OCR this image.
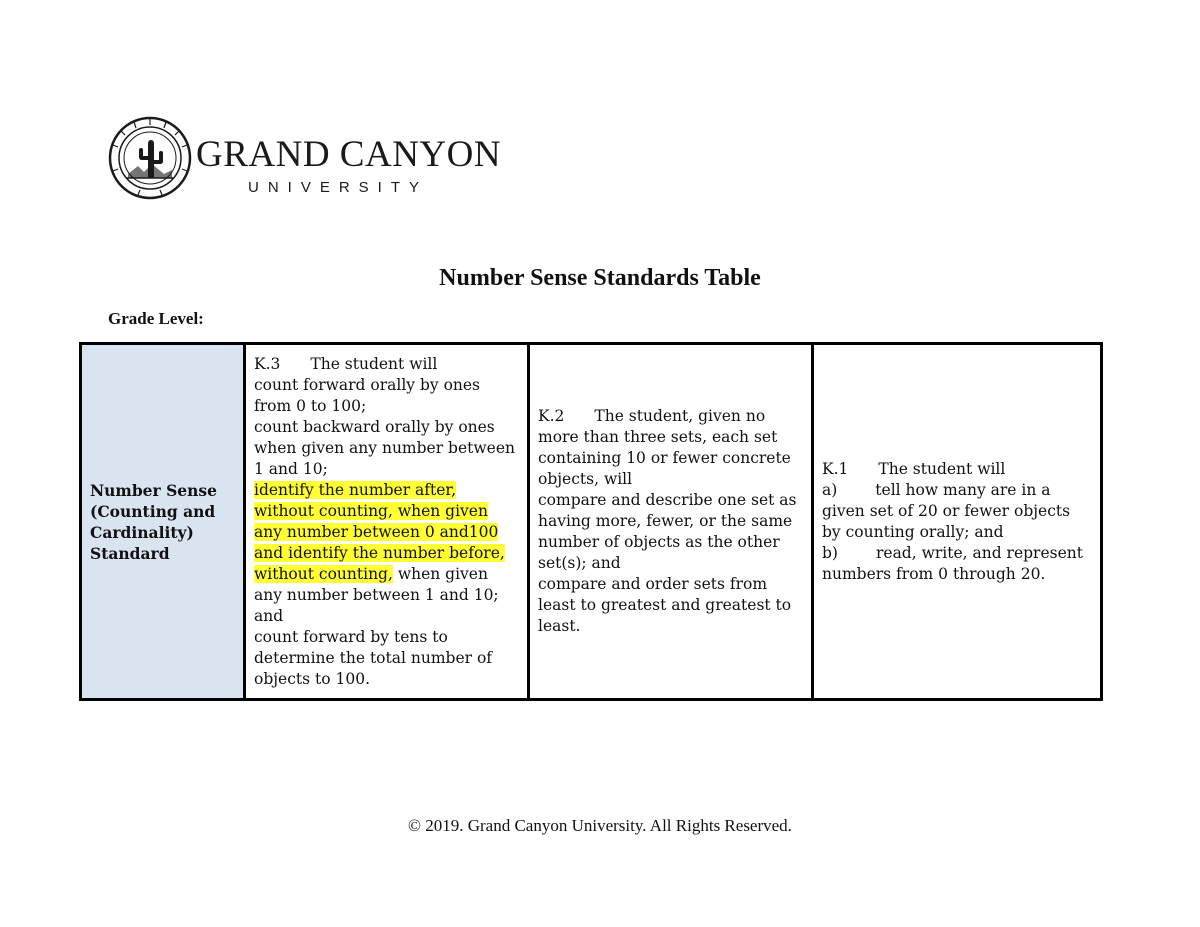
GRAND CANYON
UNIVERSITY
Number Sense Standards Table
Grade Level:
Number Sense
(Counting and
Cardinality)
Standard	K.3 The student will
count forward orally by ones from 0 to 100;
count backward orally by ones when given any number between 1 and 10;
identify the number after, without counting, when given any number between 0 and100 and identify the number before, without counting, when given any number between 1 and 10; and
count forward by tens to determine the total number of objects to 100.	K.2 The student, given no more than three sets, each set containing 10 or fewer concrete objects, will
compare and describe one set as having more, fewer, or the same number of objects as the other set(s); and
compare and order sets from least to greatest and greatest to least.	K.1 The student will
a) tell how many are in a given set of 20 or fewer objects by counting orally; and
b) read, write, and represent numbers from 0 through 20.
© 2019. Grand Canyon University. All Rights Reserved.
